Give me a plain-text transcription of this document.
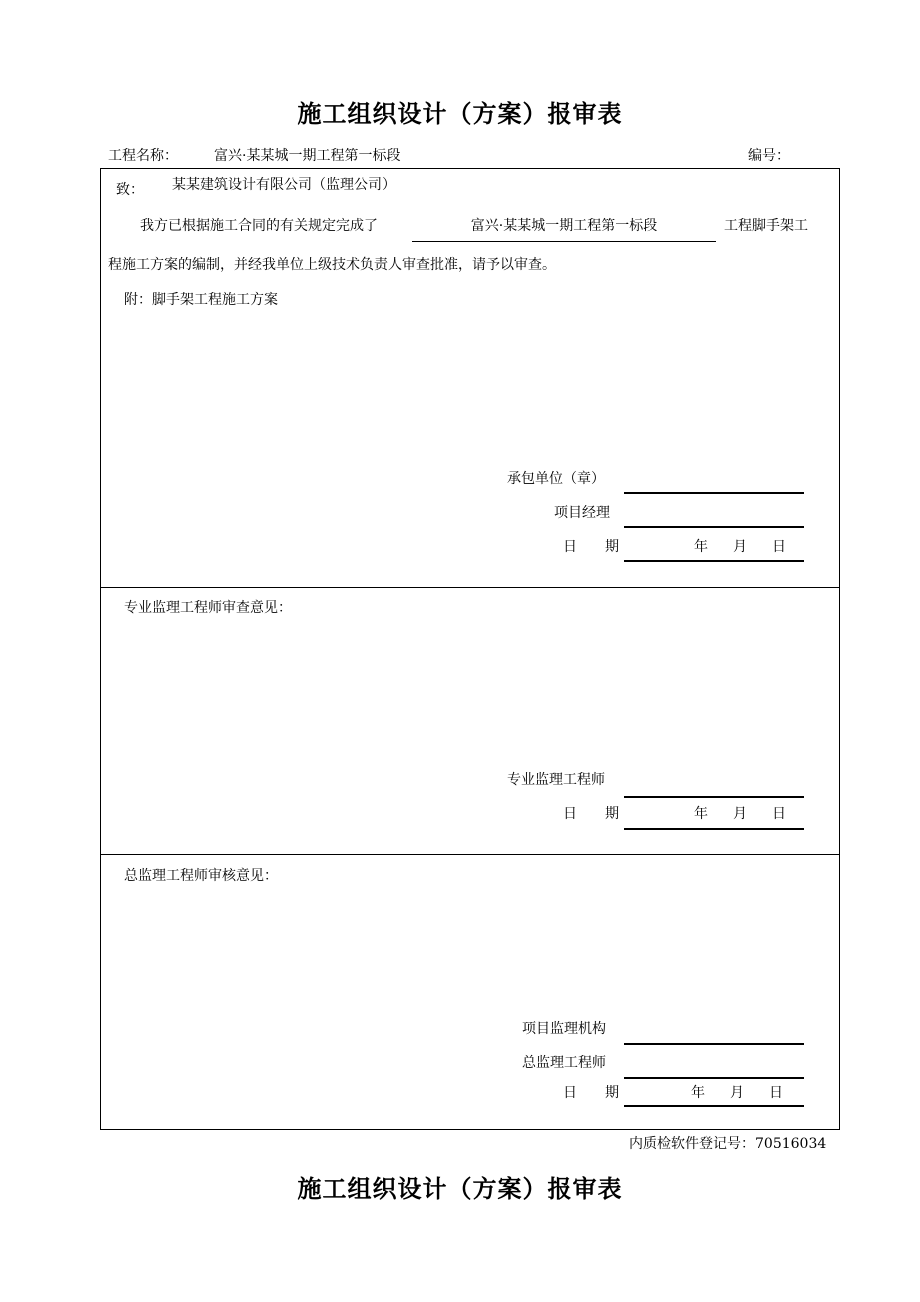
施工组织设计（方案）报审表
工程名称：	富兴·某某城一期工程第一标段	编号：
致： 某某建筑设计有限公司（监理公司）
我方已根据施工合同的有关规定完成了	富兴·某某城一期工程第一标段	工程脚手架工
程施工方案的编制，并经我单位上级技术负责人审查批准，请予以审查。
附：脚手架工程施工方案
承包单位（章）
项目经理
日　　期	年 月 日
专业监理工程师审查意见：
专业监理工程师
日　　期	年 月 日
总监理工程师审核意见：
项目监理机构
总监理工程师
日　　期	年 月 日
内质检软件登记号：70516034
施工组织设计（方案）报审表
